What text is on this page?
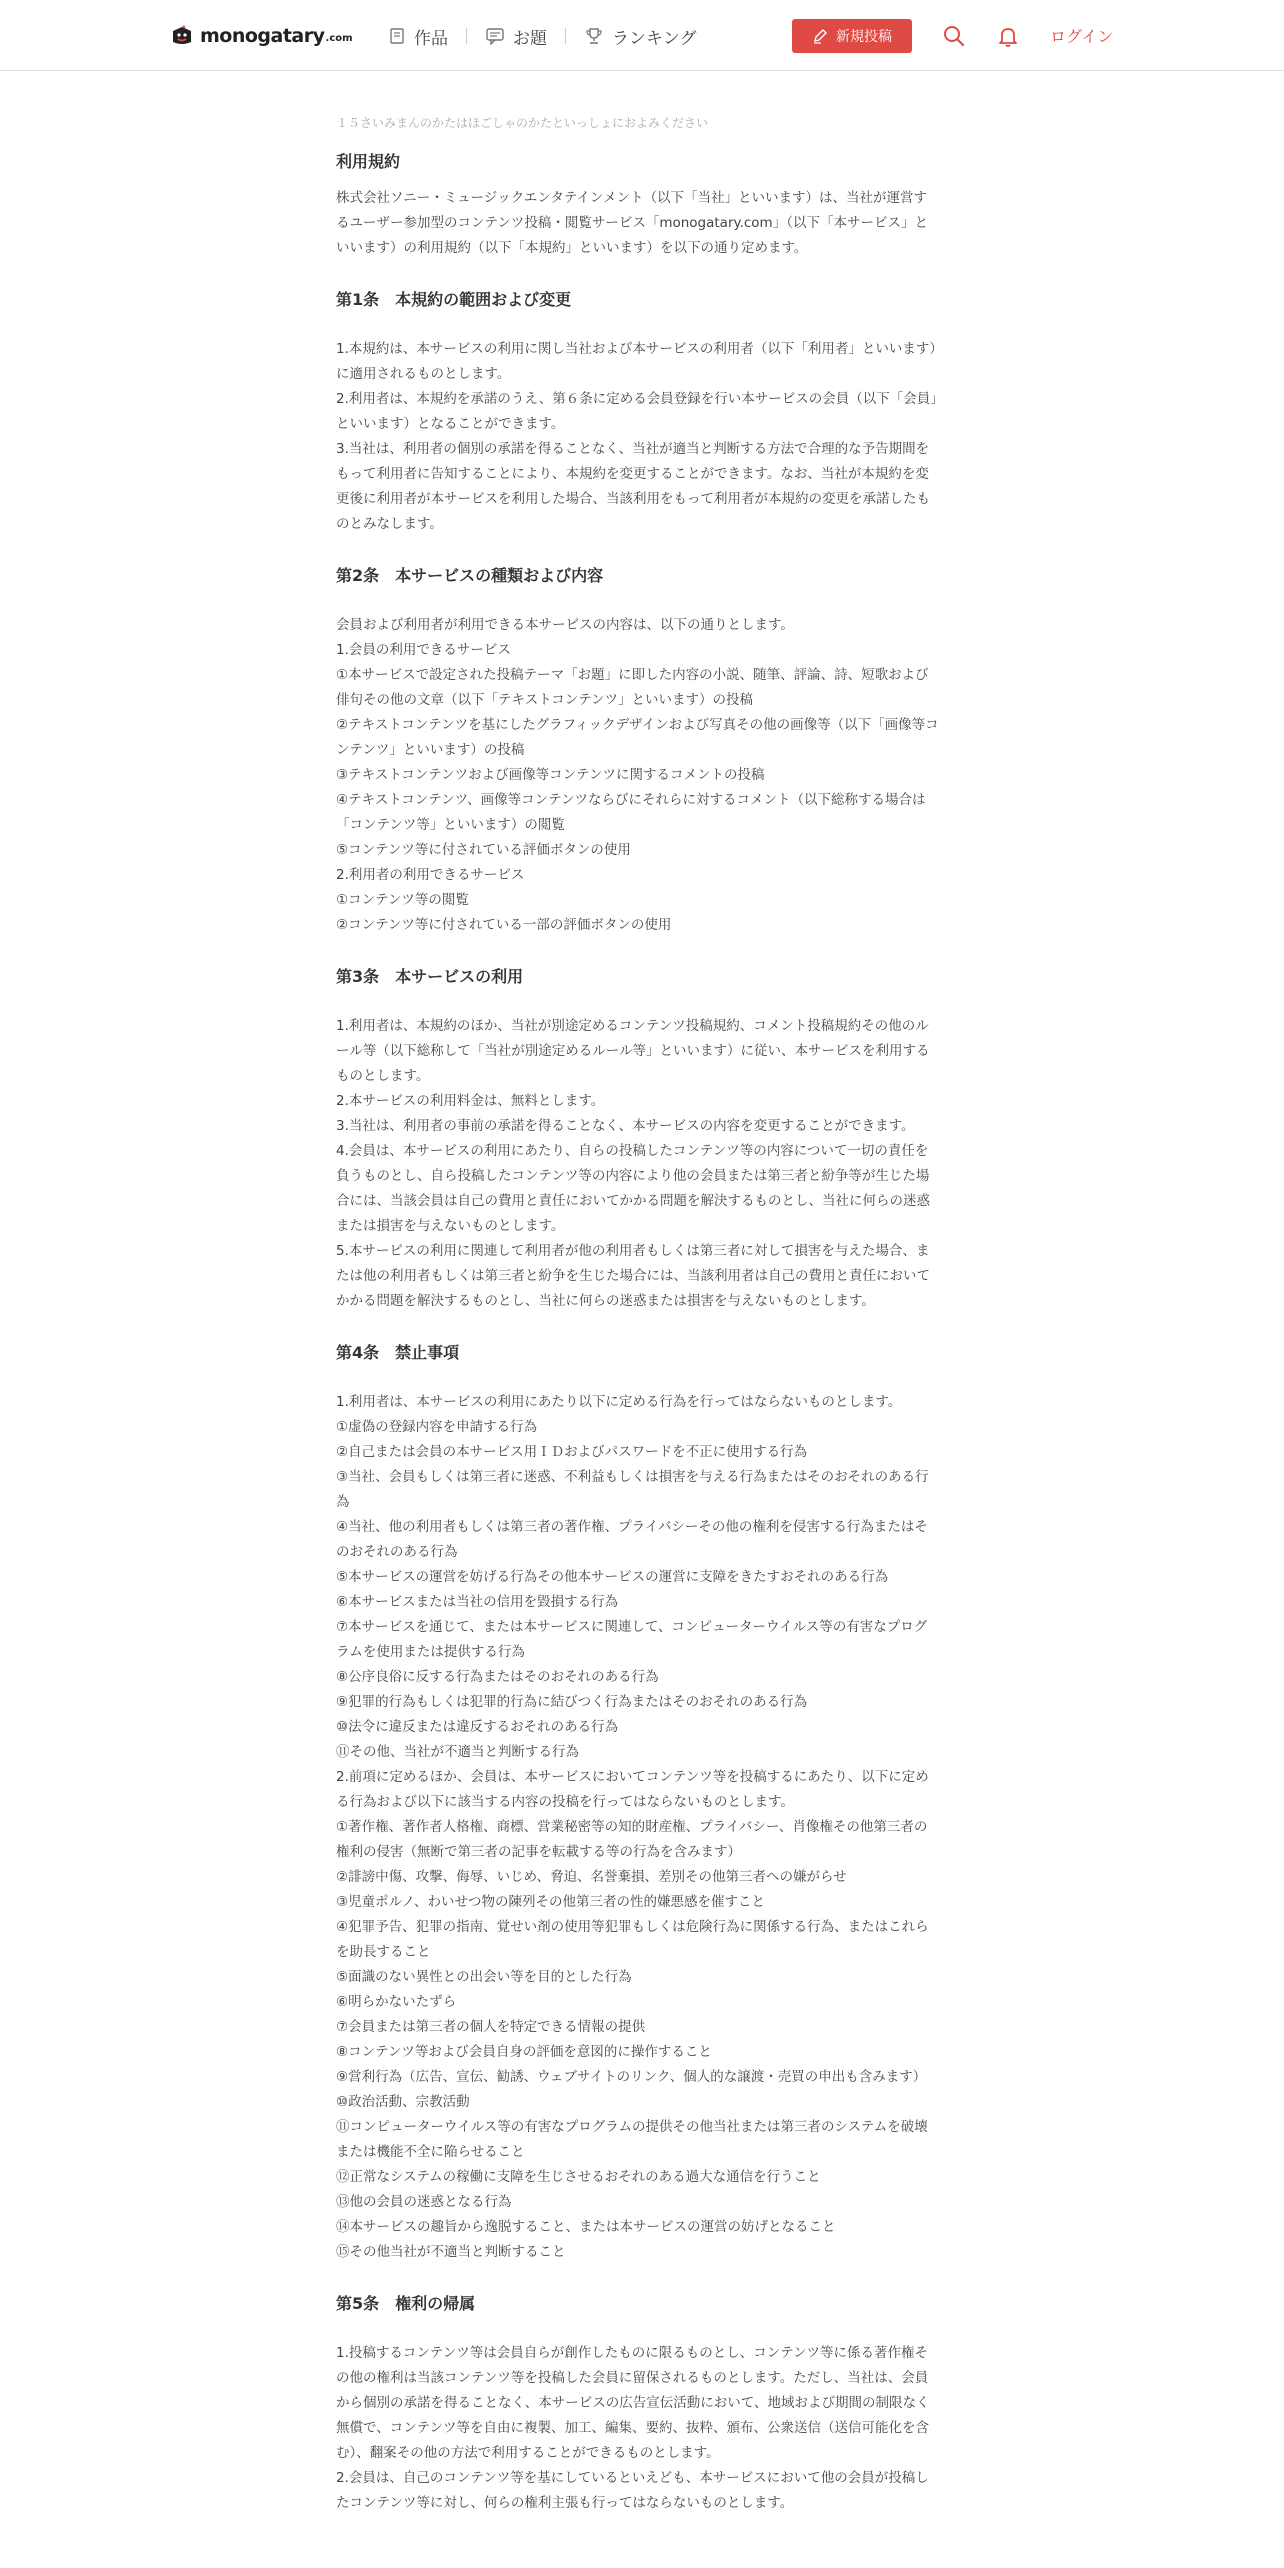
monogatary .com	作品	お題	ランキング	新規投稿	ログイン

１５さいみまんのかたはほごしゃのかたといっしょにおよみください

利用規約

株式会社ソニー・ミュージックエンタテインメント（以下「当社」といいます）は、当社が運営するユーザー参加型のコンテンツ投稿・閲覧サービス「monogatary.com」（以下「本サービス」といいます）の利用規約（以下「本規約」といいます）を以下の通り定めます。

第1条　本規約の範囲および変更

1.本規約は、本サービスの利用に関し当社および本サービスの利用者（以下「利用者」といいます）に適用されるものとします。

2.利用者は、本規約を承諾のうえ、第６条に定める会員登録を行い本サービスの会員（以下「会員」といいます）となることができます。

3.当社は、利用者の個別の承諾を得ることなく、当社が適当と判断する方法で合理的な予告期間をもって利用者に告知することにより、本規約を変更することができます。なお、当社が本規約を変更後に利用者が本サービスを利用した場合、当該利用をもって利用者が本規約の変更を承諾したものとみなします。

第2条　本サービスの種類および内容

会員および利用者が利用できる本サービスの内容は、以下の通りとします。

1.会員の利用できるサービス

①本サービスで設定された投稿テーマ「お題」に即した内容の小説、随筆、評論、詩、短歌および俳句その他の文章（以下「テキストコンテンツ」といいます）の投稿

②テキストコンテンツを基にしたグラフィックデザインおよび写真その他の画像等（以下「画像等コンテンツ」といいます）の投稿

③テキストコンテンツおよび画像等コンテンツに関するコメントの投稿

④テキストコンテンツ、画像等コンテンツならびにそれらに対するコメント（以下総称する場合は「コンテンツ等」といいます）の閲覧

⑤コンテンツ等に付されている評価ボタンの使用

2.利用者の利用できるサービス

①コンテンツ等の閲覧

②コンテンツ等に付されている一部の評価ボタンの使用

第3条　本サービスの利用

1.利用者は、本規約のほか、当社が別途定めるコンテンツ投稿規約、コメント投稿規約その他のルール等（以下総称して「当社が別途定めるルール等」といいます）に従い、本サービスを利用するものとします。

2.本サービスの利用料金は、無料とします。

3.当社は、利用者の事前の承諾を得ることなく、本サービスの内容を変更することができます。

4.会員は、本サービスの利用にあたり、自らの投稿したコンテンツ等の内容について一切の責任を負うものとし、自ら投稿したコンテンツ等の内容により他の会員または第三者と紛争等が生じた場合には、当該会員は自己の費用と責任においてかかる問題を解決するものとし、当社に何らの迷惑または損害を与えないものとします。

5.本サービスの利用に関連して利用者が他の利用者もしくは第三者に対して損害を与えた場合、または他の利用者もしくは第三者と紛争を生じた場合には、当該利用者は自己の費用と責任においてかかる問題を解決するものとし、当社に何らの迷惑または損害を与えないものとします。

第4条　禁止事項

1.利用者は、本サービスの利用にあたり以下に定める行為を行ってはならないものとします。

①虚偽の登録内容を申請する行為

②自己または会員の本サービス用ＩＤおよびパスワードを不正に使用する行為

③当社、会員もしくは第三者に迷惑、不利益もしくは損害を与える行為またはそのおそれのある行為

④当社、他の利用者もしくは第三者の著作権、プライバシーその他の権利を侵害する行為またはそのおそれのある行為

⑤本サービスの運営を妨げる行為その他本サービスの運営に支障をきたすおそれのある行為

⑥本サービスまたは当社の信用を毀損する行為

⑦本サービスを通じて、または本サービスに関連して、コンピューターウイルス等の有害なプログラムを使用または提供する行為

⑧公序良俗に反する行為またはそのおそれのある行為

⑨犯罪的行為もしくは犯罪的行為に結びつく行為またはそのおそれのある行為

⑩法令に違反または違反するおそれのある行為

⑪その他、当社が不適当と判断する行為

2.前項に定めるほか、会員は、本サービスにおいてコンテンツ等を投稿するにあたり、以下に定める行為および以下に該当する内容の投稿を行ってはならないものとします。

①著作権、著作者人格権、商標、営業秘密等の知的財産権、プライバシー、肖像権その他第三者の権利の侵害（無断で第三者の記事を転載する等の行為を含みます）

②誹謗中傷、攻撃、侮辱、いじめ、脅迫、名誉棄損、差別その他第三者への嫌がらせ

③児童ポルノ、わいせつ物の陳列その他第三者の性的嫌悪感を催すこと

④犯罪予告、犯罪の指南、覚せい剤の使用等犯罪もしくは危険行為に関係する行為、またはこれらを助長すること

⑤面識のない異性との出会い等を目的とした行為

⑥明らかないたずら

⑦会員または第三者の個人を特定できる情報の提供

⑧コンテンツ等および会員自身の評価を意図的に操作すること

⑨営利行為（広告、宣伝、勧誘、ウェブサイトのリンク、個人的な譲渡・売買の申出も含みます）

⑩政治活動、宗教活動

⑪コンピューターウイルス等の有害なプログラムの提供その他当社または第三者のシステムを破壊または機能不全に陥らせること

⑫正常なシステムの稼働に支障を生じさせるおそれのある過大な通信を行うこと

⑬他の会員の迷惑となる行為

⑭本サービスの趣旨から逸脱すること、または本サービスの運営の妨げとなること

⑮その他当社が不適当と判断すること

第5条　権利の帰属

1.投稿するコンテンツ等は会員自らが創作したものに限るものとし、コンテンツ等に係る著作権その他の権利は当該コンテンツ等を投稿した会員に留保されるものとします。ただし、当社は、会員から個別の承諾を得ることなく、本サービスの広告宣伝活動において、地域および期間の制限なく無償で、コンテンツ等を自由に複製、加工、編集、要約、抜粋、頒布、公衆送信（送信可能化を含む）、翻案その他の方法で利用することができるものとします。

2.会員は、自己のコンテンツ等を基にしているといえども、本サービスにおいて他の会員が投稿したコンテンツ等に対し、何らの権利主張も行ってはならないものとします。
